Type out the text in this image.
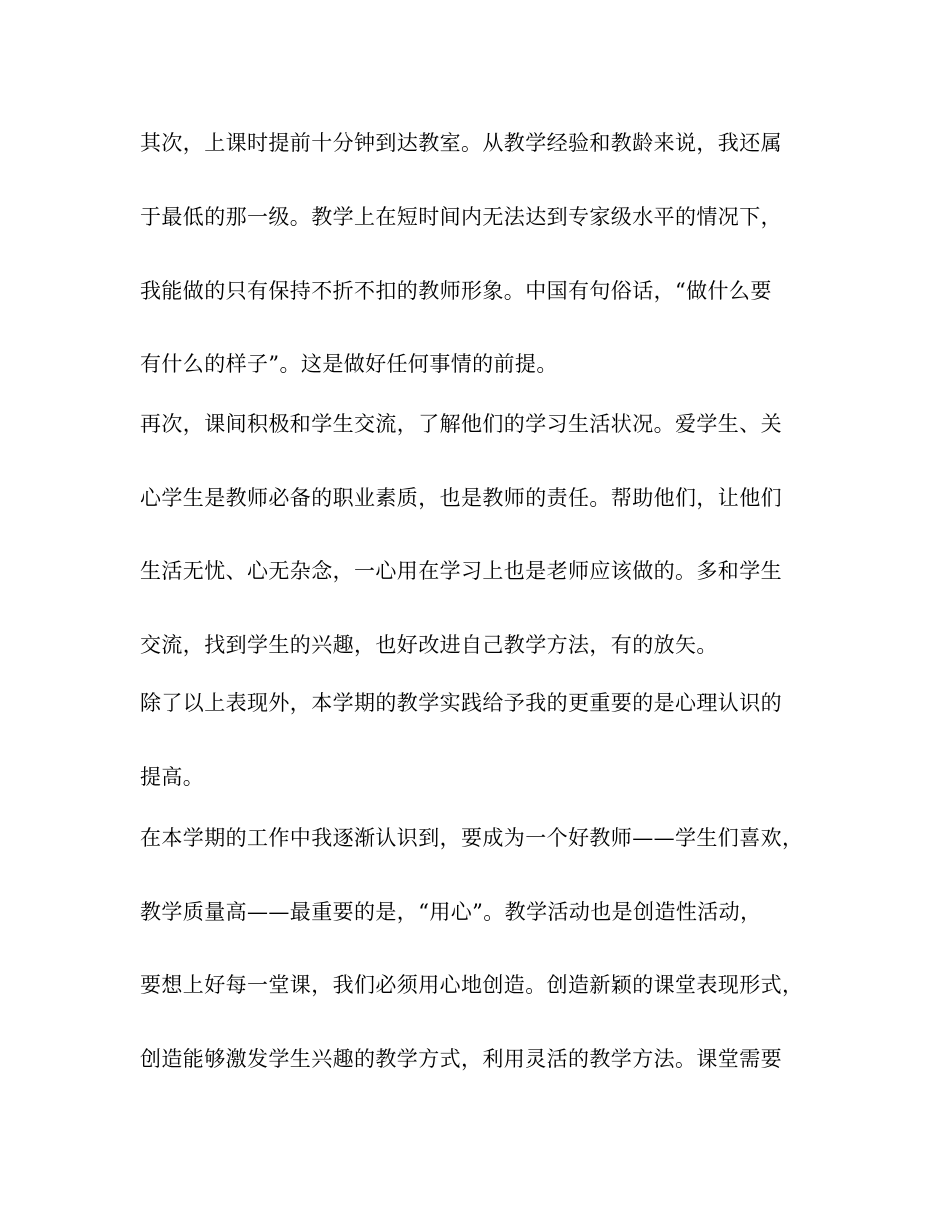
其次，上课时提前十分钟到达教室。从教学经验和教龄来说，我还属
于最低的那一级。教学上在短时间内无法达到专家级水平的情况下，
我能做的只有保持不折不扣的教师形象。中国有句俗话，“做什么要
有什么的样子”。这是做好任何事情的前提。
再次，课间积极和学生交流，了解他们的学习生活状况。爱学生、关
心学生是教师必备的职业素质，也是教师的责任。帮助他们，让他们
生活无忧、心无杂念，一心用在学习上也是老师应该做的。多和学生
交流，找到学生的兴趣，也好改进自己教学方法，有的放矢。
除了以上表现外，本学期的教学实践给予我的更重要的是心理认识的
提高。
在本学期的工作中我逐渐认识到，要成为一个好教师——学生们喜欢，
教学质量高——最重要的是，“用心”。教学活动也是创造性活动，
要想上好每一堂课，我们必须用心地创造。创造新颖的课堂表现形式，
创造能够激发学生兴趣的教学方式，利用灵活的教学方法。课堂需要
